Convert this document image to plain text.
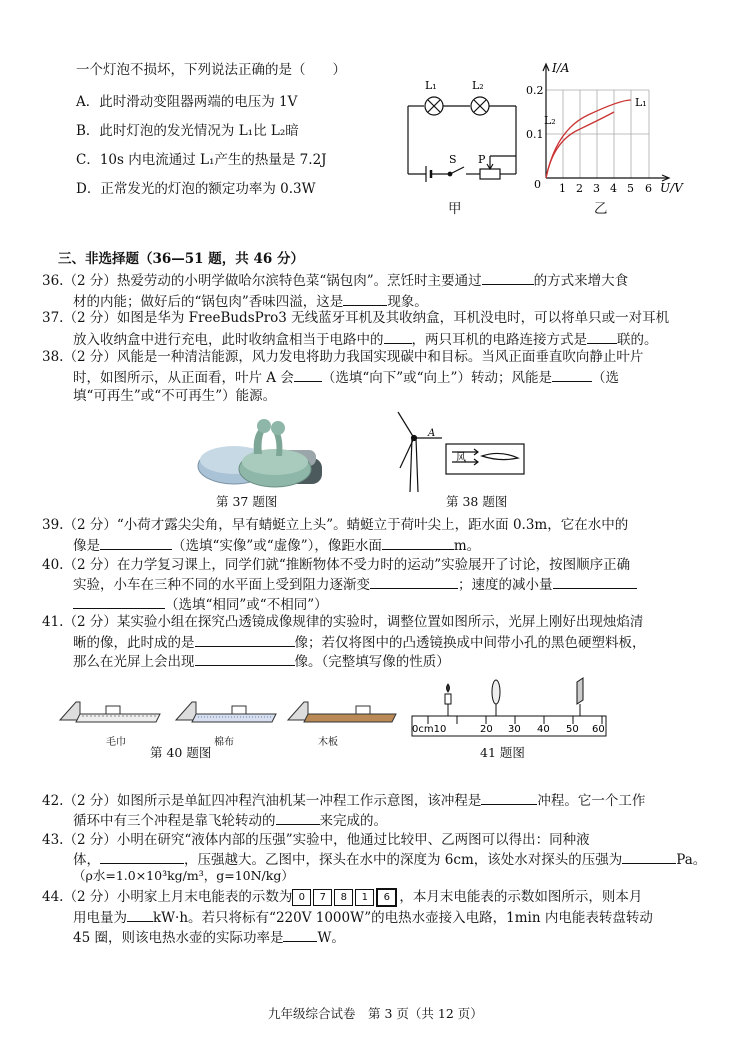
一个灯泡不损坏，下列说法正确的是（　　）
A．此时滑动变阻器两端的电压为 1V
B．此时灯泡的发光情况为 L₁比 L₂暗
C．10s 内电流通过 L₁产生的热量是 7.2J
D．正常发光的灯泡的额定功率为 0.3W
L₁	L₂
S P
甲
I/A
0.2
0.1
0 1 2 3 4 5 6 U/V
L₁
L₂
乙
三、非选择题（36—51 题，共 46 分）
36.（2 分）热爱劳动的小明学做哈尔滨特色菜“锅包肉”。烹饪时主要通过	的方式来增大食
材的内能；做好后的“锅包肉”香味四溢，这是	现象。
37.（2 分）如图是华为 FreeBudsPro3 无线蓝牙耳机及其收纳盒，耳机没电时，可以将单只或一对耳机
放入收纳盒中进行充电，此时收纳盒相当于电路中的 ，两只耳机的电路连接方式是 联的。
38.（2 分）风能是一种清洁能源，风力发电将助力我国实现碳中和目标。当风正面垂直吹向静止叶片
时，如图所示，从正面看，叶片 A 会 （选填“向下”或“向上”）转动；风能是	（选
填“可再生”或“不可再生”）能源。
第 37 题图
A
风
第 38 题图
39.（2 分）“小荷才露尖尖角，早有蜻蜓立上头”。蜻蜓立于荷叶尖上，距水面 0.3m，它在水中的
像是	（选填“实像”或“虚像”），像距水面	m。
40.（2 分）在力学复习课上，同学们就“推断物体不受力时的运动”实验展开了讨论，按图顺序正确
实验，小车在三种不同的水平面上受到阻力逐渐变	；速度的减小量
（选填“相同”或“不相同”）
41.（2 分）某实验小组在探究凸透镜成像规律的实验时，调整位置如图所示，光屏上刚好出现烛焰清
晰的像，此时成的是	像；若仅将图中的凸透镜换成中间带小孔的黑色硬塑料板，
那么在光屏上会出现	像。（完整填写像的性质）
毛巾	棉布	木板
第 40 题图
0cm10	20 30 40 50 60
41 题图
42.（2 分）如图所示是单缸四冲程汽油机某一冲程工作示意图，该冲程是	冲程。它一个工作
循环中有三个冲程是靠飞轮转动的	来完成的。
43.（2 分）小明在研究“液体内部的压强”实验中，他通过比较甲、乙两图可以得出：同种液
体，	，压强越大。乙图中，探头在水中的深度为 6cm，该处水对探头的压强为	Pa。
（ρ水=1.0×10³kg/m³，g=10N/kg）
44.（2 分）小明家上月末电能表的示数为 0 7 8 1 6 ，本月末电能表的示数如图所示，则本月
用电量为 kW·h。若只将标有“220V 1000W”的电热水壶接入电路，1min 内电能表转盘转动
45 圈，则该电热水壶的实际功率是	W。
九年级综合试卷　第 3 页（共 12 页）
